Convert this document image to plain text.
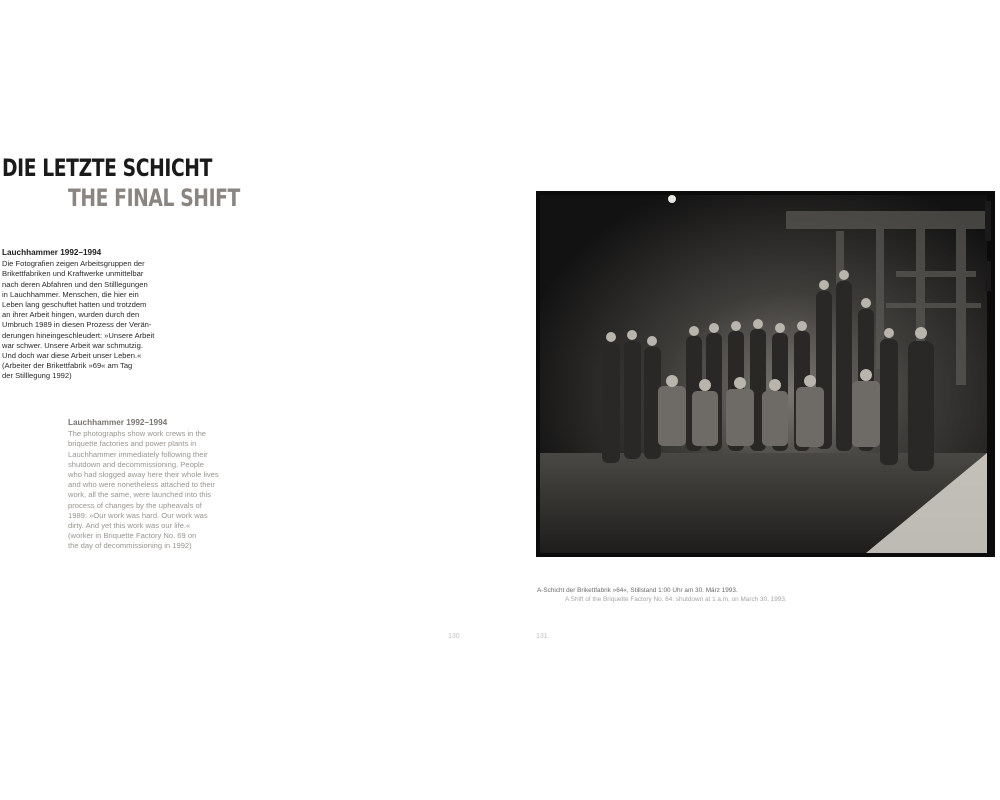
DIE LETZTE SCHICHT
THE FINAL SHIFT
Lauchhammer 1992–1994
Die Fotografien zeigen Arbeitsgruppen der
Brikettfabriken und Kraftwerke unmittelbar
nach deren Abfahren und den Stilllegungen
in Lauchhammer. Menschen, die hier ein
Leben lang geschuftet hatten und trotzdem
an ihrer Arbeit hingen, wurden durch den
Umbruch 1989 in diesen Prozess der Verän-
derungen hineingeschleudert: »Unsere Arbeit
war schwer. Unsere Arbeit war schmutzig.
Und doch war diese Arbeit unser Leben.«
(Arbeiter der Brikettfabrik »69« am Tag
der Stilllegung 1992)
Lauchhammer 1992–1994
The photographs show work crews in the
briquette factories and power plants in
Lauchhammer immediately following their
shutdown and decommissioning. People
who had slogged away here their whole lives
and who were nonetheless attached to their
work, all the same, were launched into this
process of changes by the upheavals of
1989: »Our work was hard. Our work was
dirty. And yet this work was our life.«
(worker in Briquette Factory No. 69 on
the day of decommissioning in 1992)
A-Schicht der Brikettfabrik »64«, Stillstand 1:00 Uhr am 30. März 1993.
A Shift of the Briquette Factory No. 64: shutdown at 1 a.m. on March 30, 1993.
130	131
